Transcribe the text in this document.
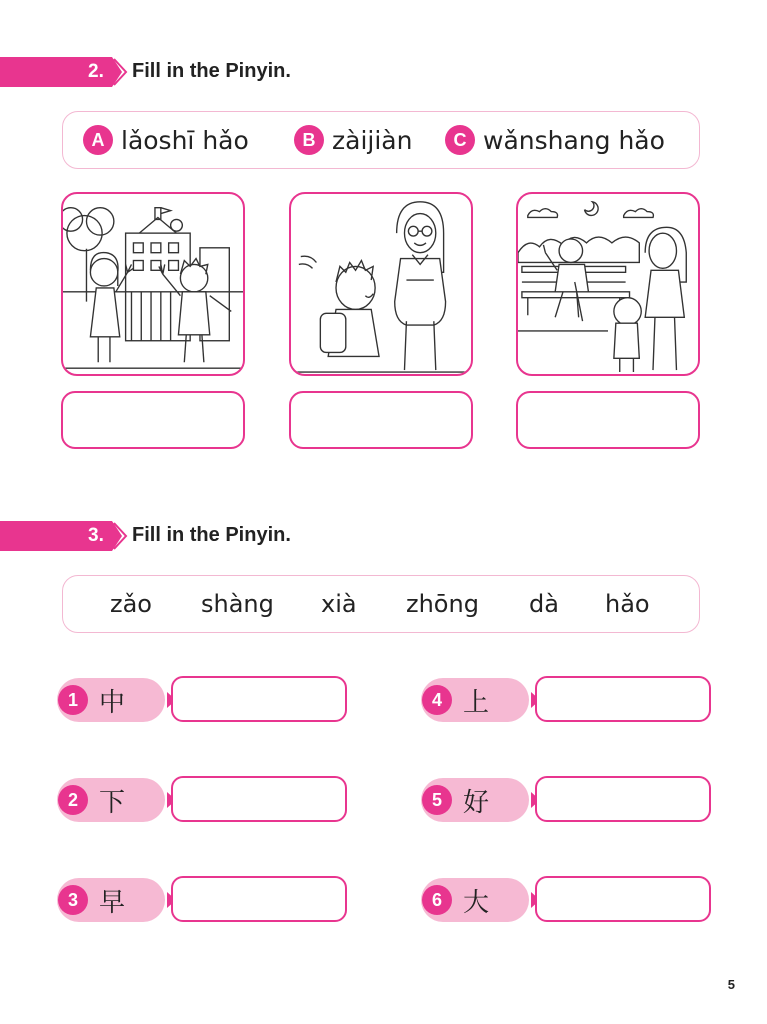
2. Fill in the Pinyin.
A lǎoshī hǎo	B zàijiàn	C wǎnshang hǎo
3. Fill in the Pinyin.
zǎo shàng xià zhōng dà hǎo
1 中	4 上
2 下	5 好
3 早	6 大
5
